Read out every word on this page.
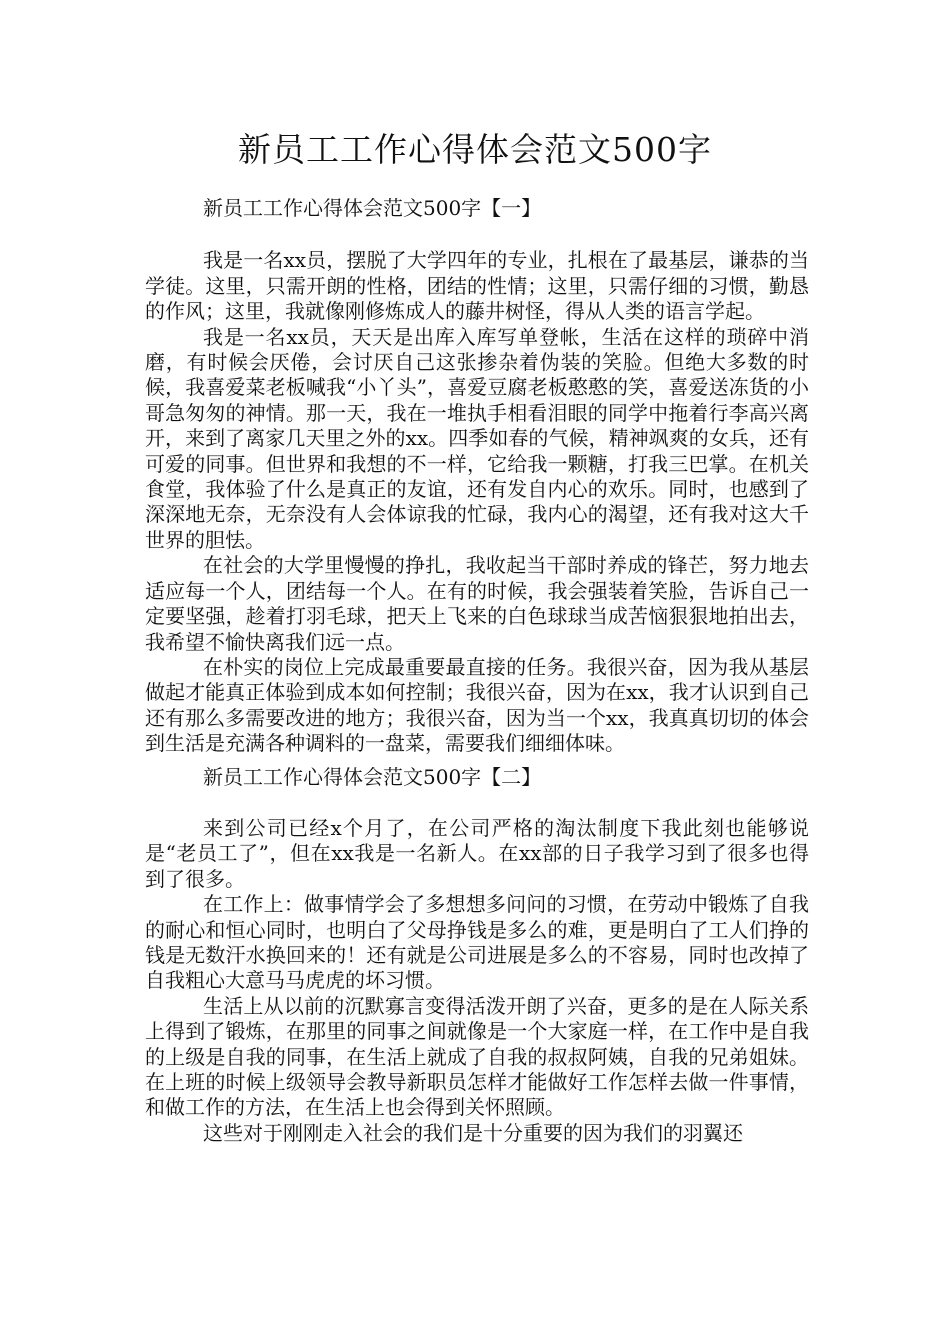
新员工工作心得体会范文500字
新员工工作心得体会范文500字【一】

我是一名xx员，摆脱了大学四年的专业，扎根在了最基层，谦恭的当学徒。这里，只需开朗的性格，团结的性情；这里，只需仔细的习惯，勤恳的作风；这里，我就像刚修炼成人的藤井树怪，得从人类的语言学起。

我是一名xx员，天天是出库入库写单登帐，生活在这样的琐碎中消磨，有时候会厌倦，会讨厌自己这张掺杂着伪装的笑脸。但绝大多数的时候，我喜爱菜老板喊我“小丫头”，喜爱豆腐老板憨憨的笑，喜爱送冻货的小哥急匆匆的神情。那一天，我在一堆执手相看泪眼的同学中拖着行李高兴离开，来到了离家几天里之外的xx。四季如春的气候，精神飒爽的女兵，还有可爱的同事。但世界和我想的不一样，它给我一颗糖，打我三巴掌。在机关食堂，我体验了什么是真正的友谊，还有发自内心的欢乐。同时，也感到了深深地无奈，无奈没有人会体谅我的忙碌，我内心的渴望，还有我对这大千世界的胆怯。

在社会的大学里慢慢的挣扎，我收起当干部时养成的锋芒，努力地去适应每一个人，团结每一个人。在有的时候，我会强装着笑脸，告诉自己一定要坚强，趁着打羽毛球，把天上飞来的白色球球当成苦恼狠狠地拍出去，我希望不愉快离我们远一点。

在朴实的岗位上完成最重要最直接的任务。我很兴奋，因为我从基层做起才能真正体验到成本如何控制；我很兴奋，因为在xx，我才认识到自己还有那么多需要改进的地方；我很兴奋，因为当一个xx，我真真切切的体会到生活是充满各种调料的一盘菜，需要我们细细体味。

新员工工作心得体会范文500字【二】

来到公司已经x个月了，在公司严格的淘汰制度下我此刻也能够说是“老员工了”，但在xx我是一名新人。在xx部的日子我学习到了很多也得到了很多。

在工作上：做事情学会了多想想多问问的习惯，在劳动中锻炼了自我的耐心和恒心同时，也明白了父母挣钱是多么的难，更是明白了工人们挣的钱是无数汗水换回来的！还有就是公司进展是多么的不容易，同时也改掉了自我粗心大意马马虎虎的坏习惯。

生活上从以前的沉默寡言变得活泼开朗了兴奋，更多的是在人际关系上得到了锻炼，在那里的同事之间就像是一个大家庭一样，在工作中是自我的上级是自我的同事，在生活上就成了自我的叔叔阿姨，自我的兄弟姐妹。在上班的时候上级领导会教导新职员怎样才能做好工作怎样去做一件事情，和做工作的方法，在生活上也会得到关怀照顾。

这些对于刚刚走入社会的我们是十分重要的因为我们的羽翼还
